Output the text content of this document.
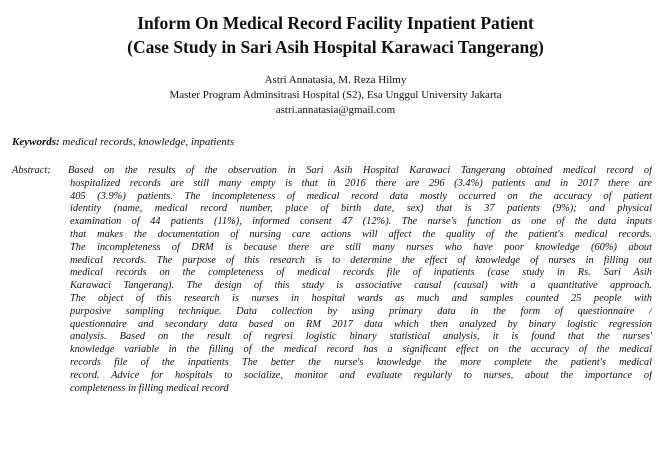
Inform On Medical Record Facility Inpatient Patient
(Case Study in Sari Asih Hospital Karawaci Tangerang)
Astri Annatasia, M. Reza Hilmy
Master Program Adminsitrasi Hospital (S2), Esa Unggul University Jakarta
astri.annatasia@gmail.com
Keywords: medical records, knowledge, inpatients
Abstract: Based on the results of the observation in Sari Asih Hospital Karawaci Tangerang obtained medical record of
hospitalized records are still many empty is that in 2016 there are 296 (3.4%) patients and in 2017 there are
405 (3.9%) patients. The incompleteness of medical record data mostly occurred on the accuracy of patient
identity (name, medical record number, place of birth date, sex) that is 37 patients (9%); and physical
examination of 44 patients (11%), informed consent 47 (12%). The nurse's function as one of the data inputs
that makes the documentation of nursing care actions will affect the quality of the patient's medical records.
The incompleteness of DRM is because there are still many nurses who have poor knowledge (60%) about
medical records. The purpose of this research is to determine the effect of knowledge of nurses in filling out
medical records on the completeness of medical records file of inpatients (case study in Rs. Sari Asih
Karawaci Tangerang). The design of this study is associative causal (causal) with a quantitative approach.
The object of this research is nurses in hospital wards as much and samples counted 25 people with
purposive sampling technique. Data collection by using primary data in the form of questionnaire /
questionnaire and secondary data based on RM 2017 data which then analyzed by binary logistic regression
analysis. Based on the result of regresi logistic binary statistical analysis, it is found that the nurses'
knowledge variable in the filling of the medical record has a significant effect on the accuracy of the medical
records file of the inpatients The better the nurse's knowledge the more complete the patient's medical
record. Advice for hospitals to socialize, monitor and evaluate regularly to nurses, about the importance of
completeness in filling medical record
